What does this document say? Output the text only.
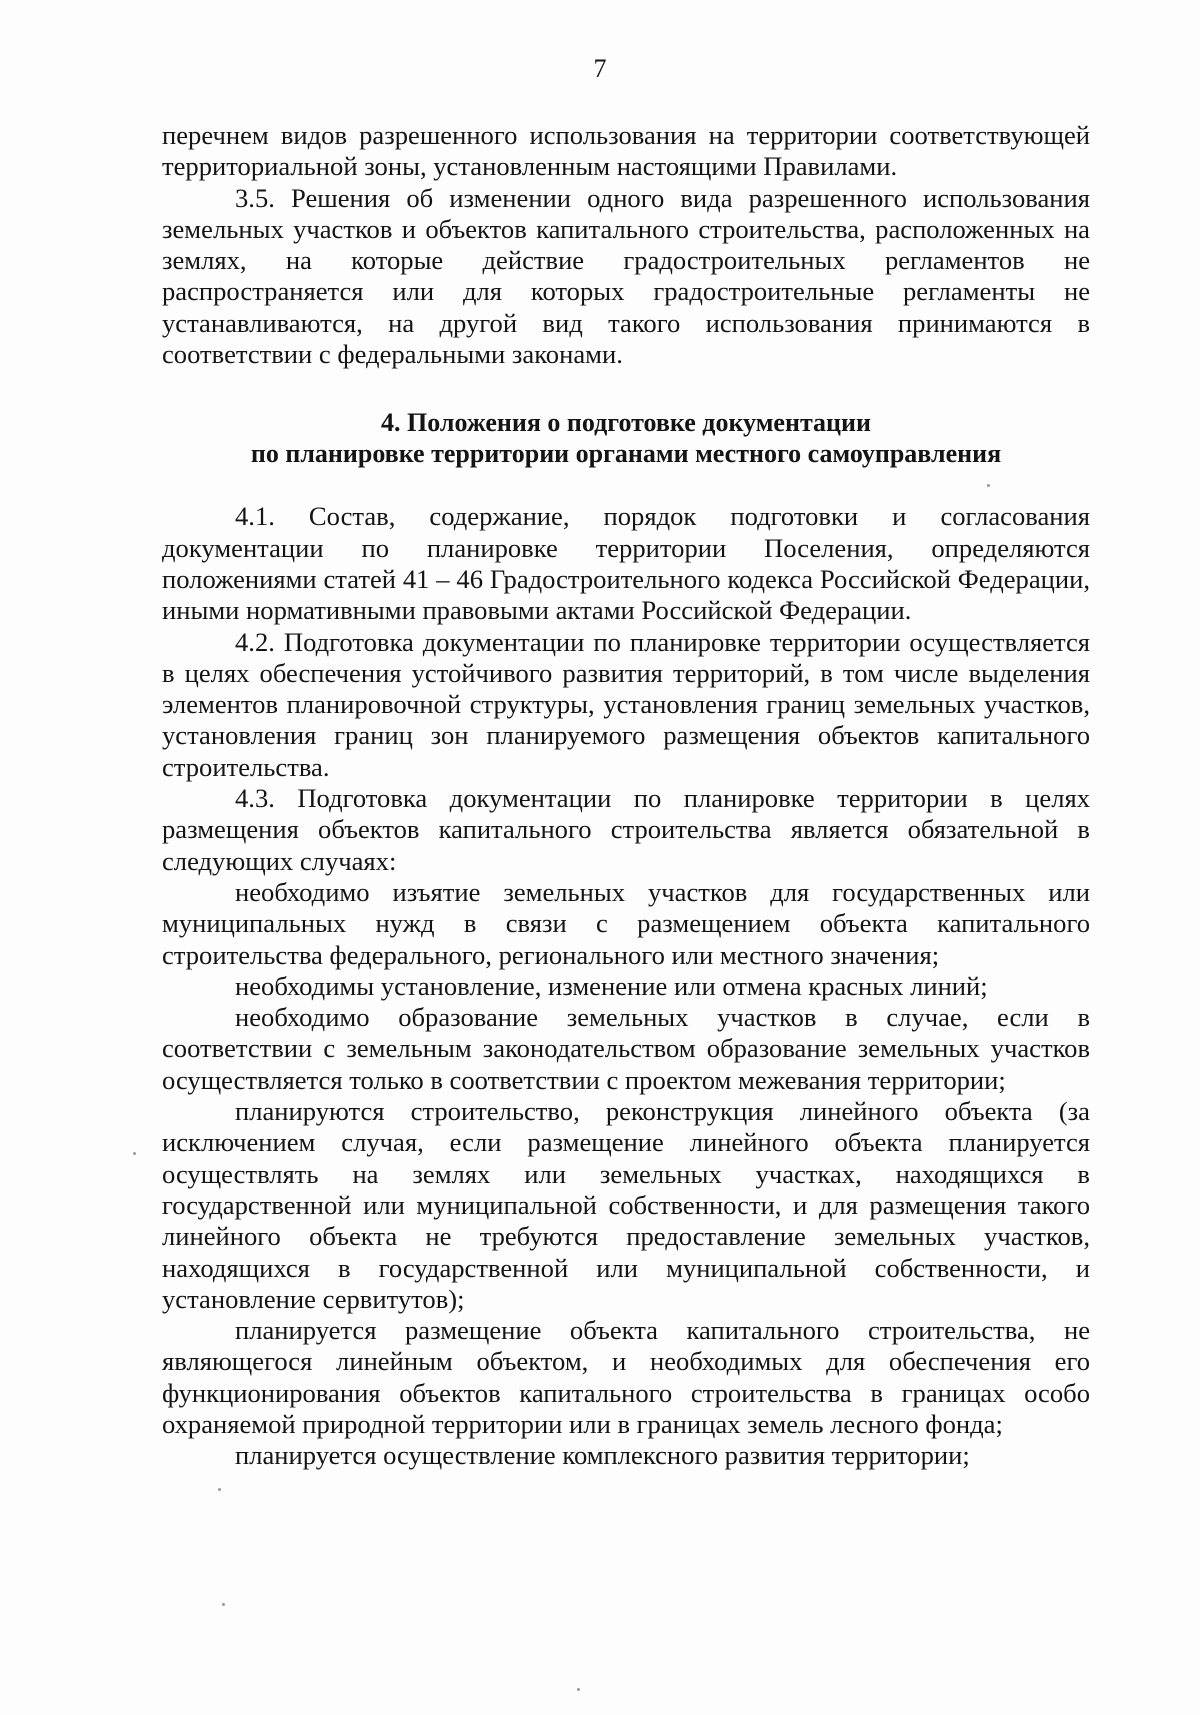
7

перечнем видов разрешенного использования на территории соответствующей территориальной зоны, установленным настоящими Правилами.

3.5. Решения об изменении одного вида разрешенного использования земельных участков и объектов капитального строительства, расположенных на землях, на которые действие градостроительных регламентов не распространяется или для которых градостроительные регламенты не устанавливаются, на другой вид такого использования принимаются в соответствии с федеральными законами.

4. Положения о подготовке документации

по планировке территории органами местного самоуправления

4.1. Состав, содержание, порядок подготовки и согласования документации по планировке территории Поселения, определяются положениями статей 41 – 46 Градостроительного кодекса Российской Федерации, иными нормативными правовыми актами Российской Федерации.

4.2. Подготовка документации по планировке территории осуществляется в целях обеспечения устойчивого развития территорий, в том числе выделения элементов планировочной структуры, установления границ земельных участков, установления границ зон планируемого размещения объектов капитального строительства.

4.3. Подготовка документации по планировке территории в целях размещения объектов капитального строительства является обязательной в следующих случаях:

необходимо изъятие земельных участков для государственных или муниципальных нужд в связи с размещением объекта капитального строительства федерального, регионального или местного значения;

необходимы установление, изменение или отмена красных линий;

необходимо образование земельных участков в случае, если в соответствии с земельным законодательством образование земельных участков осуществляется только в соответствии с проектом межевания территории;

планируются строительство, реконструкция линейного объекта (за исключением случая, если размещение линейного объекта планируется осуществлять на землях или земельных участках, находящихся в государственной или муниципальной собственности, и для размещения такого линейного объекта не требуются предоставление земельных участков, находящихся в государственной или муниципальной собственности, и установление сервитутов);

планируется размещение объекта капитального строительства, не являющегося линейным объектом, и необходимых для обеспечения его функционирования объектов капитального строительства в границах особо охраняемой природной территории или в границах земель лесного фонда;

планируется осуществление комплексного развития территории;
